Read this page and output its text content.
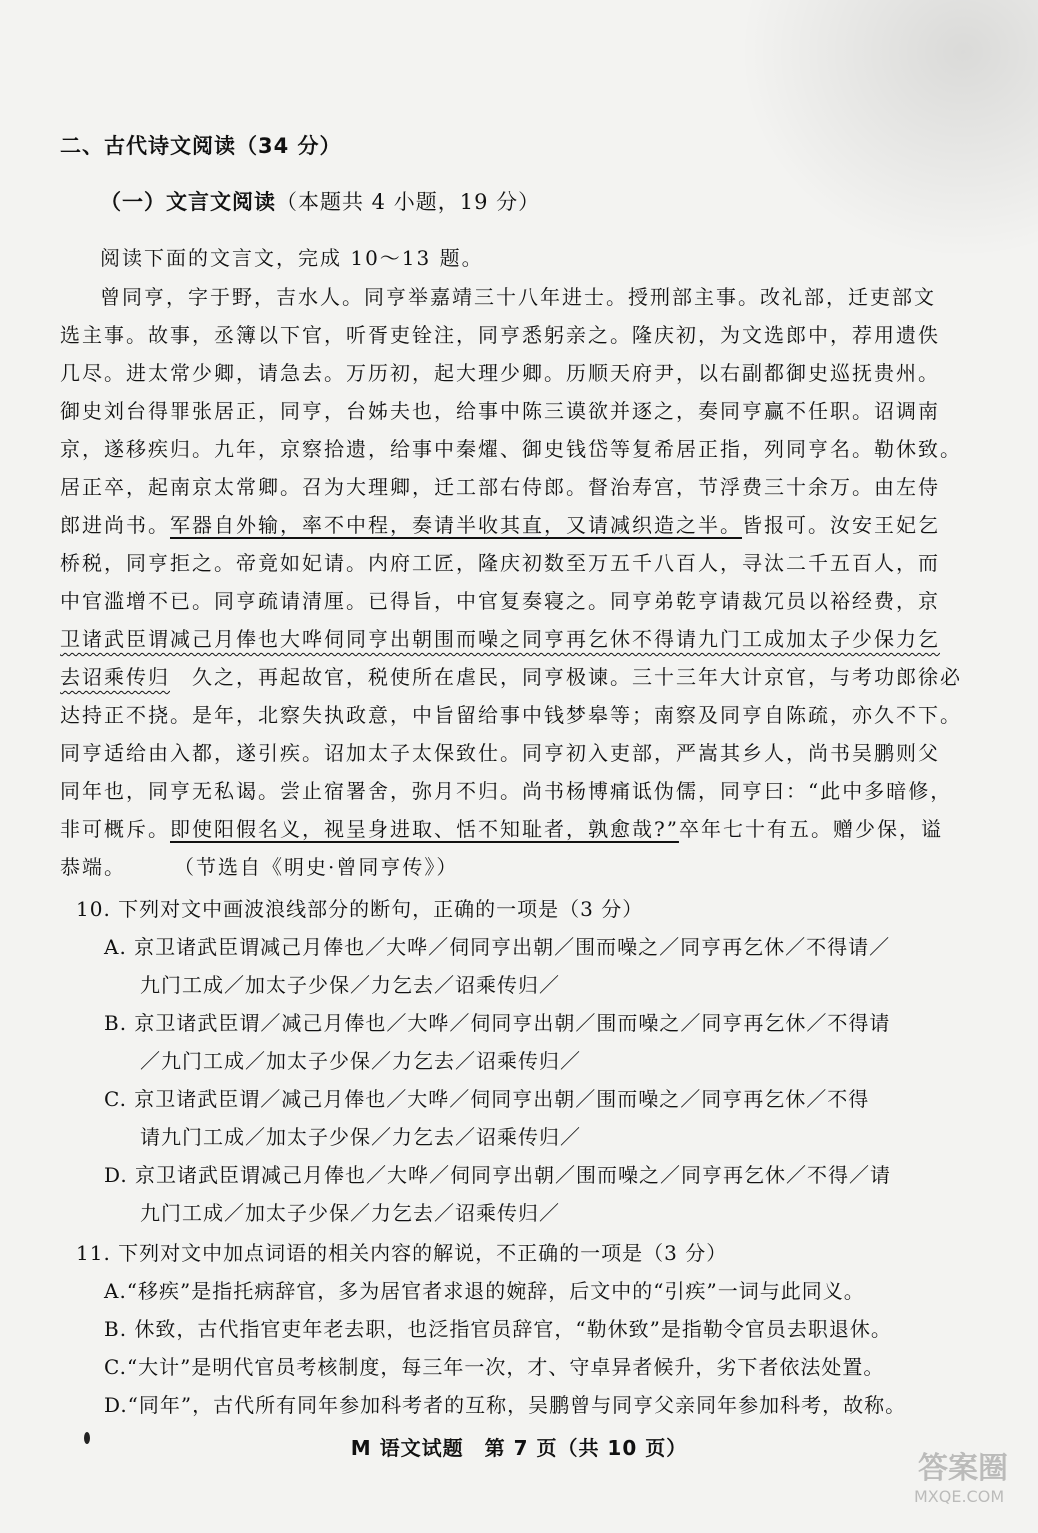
二、古代诗文阅读（34 分）
（一）文言文阅读（本题共 4 小题，19 分）
阅读下面的文言文，完成 10～13 题。
曾同亨，字于野，吉水人。同亨举嘉靖三十八年进士。授刑部主事。改礼部，迁吏部文
选主事。故事，丞簿以下官，听胥吏铨注，同亨悉躬亲之。隆庆初，为文选郎中，荐用遗佚
几尽。进太常少卿，请急去。万历初，起大理少卿。历顺天府尹，以右副都御史巡抚贵州。
御史刘台得罪张居正，同亨，台姊夫也，给事中陈三谟欲并逐之，奏同亨赢不任职。诏调南
京，遂移疾归。九年，京察拾遗，给事中秦燿、御史钱岱等复希居正指，列同亨名。勒休致。
居正卒，起南京太常卿。召为大理卿，迁工部右侍郎。督治寿宫，节浮费三十余万。由左侍
郎进尚书。军器自外输，率不中程，奏请半收其直，又请减织造之半。皆报可。汝安王妃乞
桥税，同亨拒之。帝竟如妃请。内府工匠，隆庆初数至万五千八百人，寻汰二千五百人，而
中官滥增不已。同亨疏请清厘。已得旨，中官复奏寝之。同亨弟乾亨请裁冗员以裕经费，京
卫诸武臣谓减己月俸也大哗伺同亨出朝围而噪之同亨再乞休不得请九门工成加太子少保力乞
去诏乘传归　 久之，再起故官，税使所在虐民，同亨极谏。三十三年大计京官，与考功郎徐必
达持正不挠。是年，北察失执政意，中旨留给事中钱梦皋等；南察及同亨自陈疏，亦久不下。
同亨适给由入都，遂引疾。诏加太子太保致仕。同亨初入吏部，严嵩其乡人，尚书吴鹏则父
同年也，同亨无私谒。尝止宿署舍，弥月不归。尚书杨博痛诋伪儒，同亨曰：“此中多暗修，
非可概斥。即使阳假名义，视呈身进取、恬不知耻者，孰愈哉?”卒年七十有五。赠少保，谥
恭端。 （节选自《明史·曾同亨传》）
10. 下列对文中画波浪线部分的断句，正确的一项是（3 分）
A. 京卫诸武臣谓减己月俸也／大哗／伺同亨出朝／围而噪之／同亨再乞休／不得请／
九门工成／加太子少保／力乞去／诏乘传归／
B. 京卫诸武臣谓／减己月俸也／大哗／伺同亨出朝／围而噪之／同亨再乞休／不得请
／九门工成／加太子少保／力乞去／诏乘传归／
C. 京卫诸武臣谓／减己月俸也／大哗／伺同亨出朝／围而噪之／同亨再乞休／不得
请九门工成／加太子少保／力乞去／诏乘传归／
D. 京卫诸武臣谓减己月俸也／大哗／伺同亨出朝／围而噪之／同亨再乞休／不得／请
九门工成／加太子少保／力乞去／诏乘传归／
11. 下列对文中加点词语的相关内容的解说，不正确的一项是（3 分）
A.“移疾”是指托病辞官，多为居官者求退的婉辞，后文中的“引疾”一词与此同义。
B. 休致，古代指官吏年老去职，也泛指官员辞官，“勒休致”是指勒令官员去职退休。
C.“大计”是明代官员考核制度，每三年一次，才、守卓异者候升，劣下者依法处置。
D.“同年”，古代所有同年参加科考者的互称，吴鹏曾与同亨父亲同年参加科考，故称。
M 语文试题　第 7 页（共 10 页）
答案圈
MXQE.COM
